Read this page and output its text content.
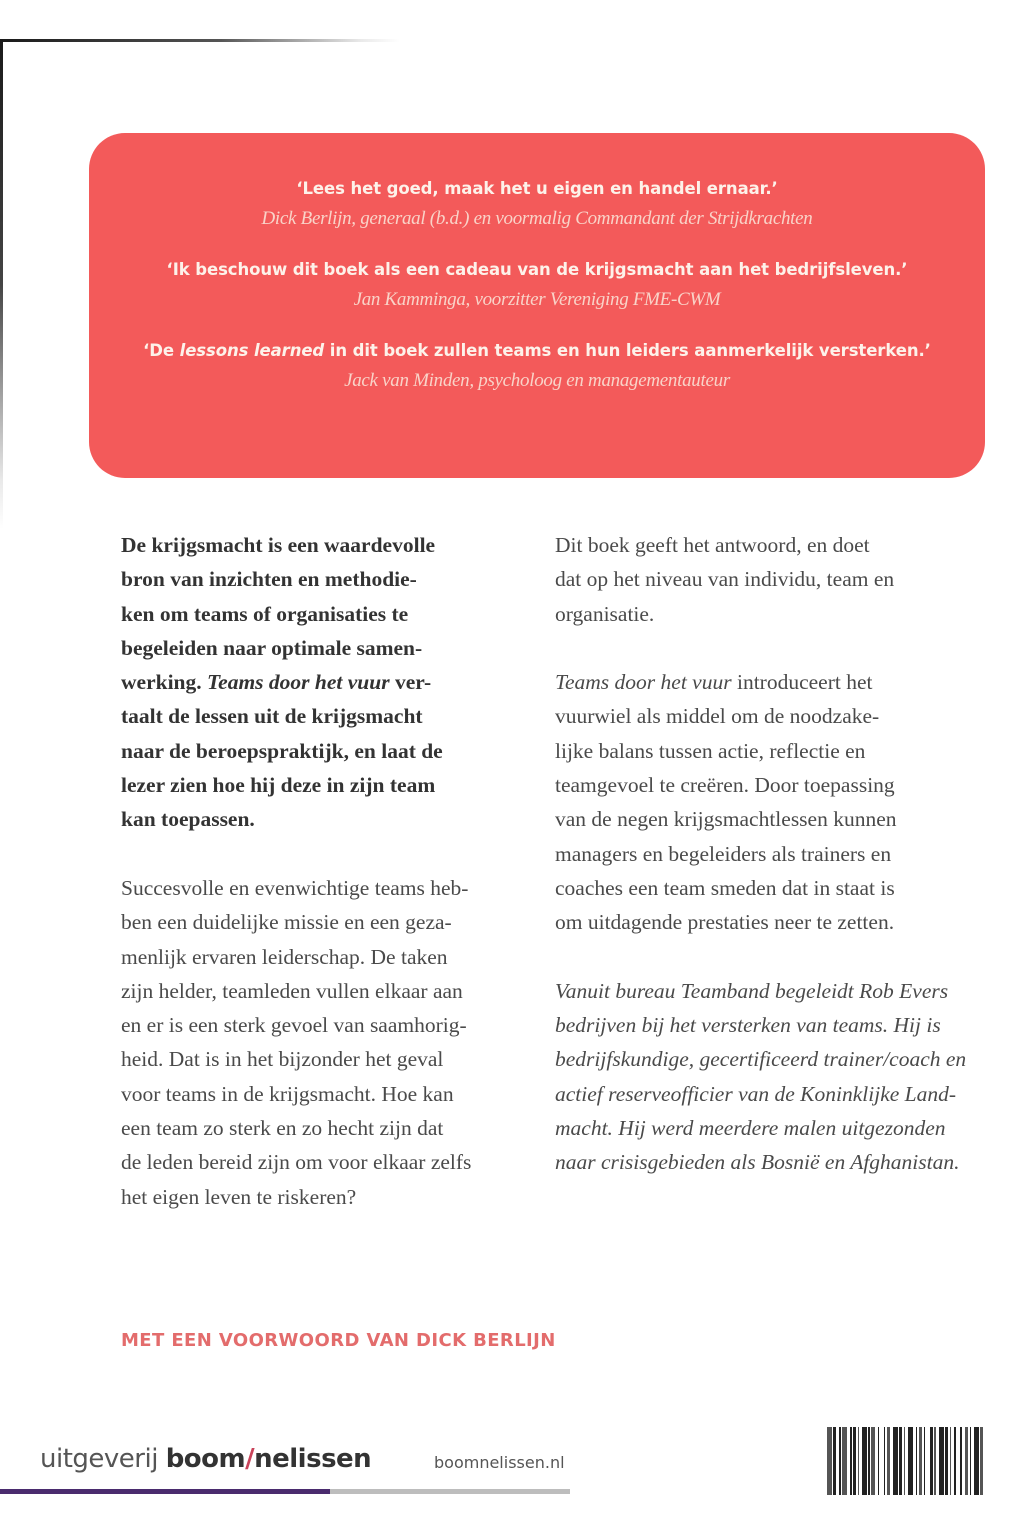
‘Lees het goed, maak het u eigen en handel ernaar.’
Dick Berlijn, generaal (b.d.) en voormalig Commandant der Strijdkrachten
‘Ik beschouw dit boek als een cadeau van de krijgsmacht aan het bedrijfsleven.’
Jan Kamminga, voorzitter Vereniging FME-CWM
‘De lessons learned in dit boek zullen teams en hun leiders aanmerkelijk versterken.’
Jack van Minden, psycholoog en managementauteur

De krijgsmacht is een waardevolle
bron van inzichten en methodie-
ken om teams of organisaties te
begeleiden naar optimale samen-
werking. Teams door het vuur ver-
taalt de lessen uit de krijgsmacht
naar de beroepspraktijk, en laat de
lezer zien hoe hij deze in zijn team
kan toepassen.

Succesvolle en evenwichtige teams heb-
ben een duidelijke missie en een geza-
menlijk ervaren leiderschap. De taken
zijn helder, teamleden vullen elkaar aan
en er is een sterk gevoel van saamhorig-
heid. Dat is in het bijzonder het geval
voor teams in de krijgsmacht. Hoe kan
een team zo sterk en zo hecht zijn dat
de leden bereid zijn om voor elkaar zelfs
het eigen leven te riskeren?

Dit boek geeft het antwoord, en doet
dat op het niveau van individu, team en
organisatie.

Teams door het vuur introduceert het
vuurwiel als middel om de noodzake-
lijke balans tussen actie, reflectie en
teamgevoel te creëren. Door toepassing
van de negen krijgsmachtlessen kunnen
managers en begeleiders als trainers en
coaches een team smeden dat in staat is
om uitdagende prestaties neer te zetten.

Vanuit bureau Teamband begeleidt Rob Evers
bedrijven bij het versterken van teams. Hij is
bedrijfskundige, gecertificeerd trainer/coach en
actief reserveofficier van de Koninklijke Land-
macht. Hij werd meerdere malen uitgezonden
naar crisisgebieden als Bosnië en Afghanistan.

MET EEN VOORWOORD VAN DICK BERLIJN
uitgeverij boom/nelissen	boomnelissen.nl
